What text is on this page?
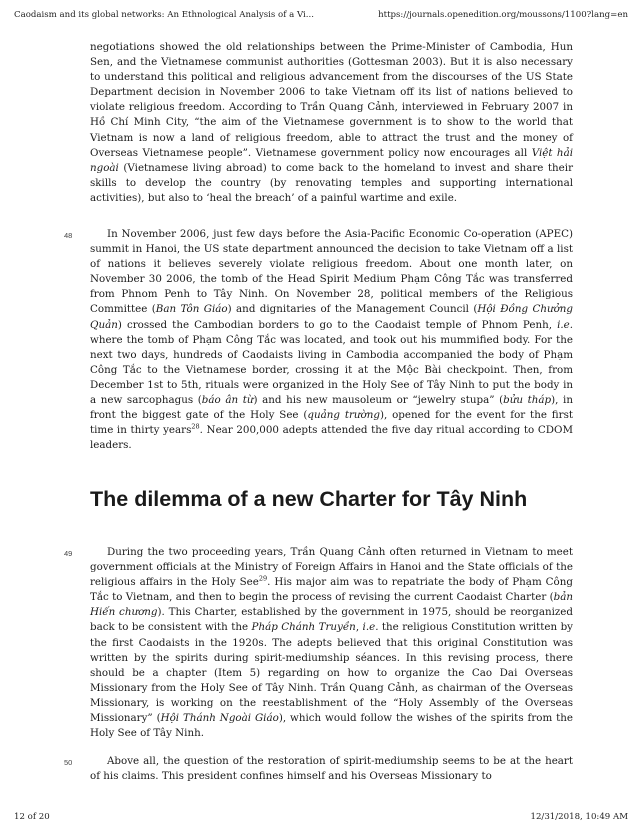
Caodaism and its global networks: An Ethnological Analysis of a Vi...	https://journals.openedition.org/moussons/1100?lang=en

negotiations showed the old relationships between the Prime-Minister of Cambodia, Hun Sen, and the Vietnamese communist authorities (Gottesman 2003). But it is also necessary to understand this political and religious advancement from the discourses of the US State Department decision in November 2006 to take Vietnam off its list of nations believed to violate religious freedom. According to Trần Quang Cảnh, interviewed in February 2007 in Hồ Chí Minh City, “the aim of the Vietnamese government is to show to the world that Vietnam is now a land of religious freedom, able to attract the trust and the money of Overseas Vietnamese people”. Vietnamese government policy now encourages all Việt hải ngoài (Vietnamese living abroad) to come back to the homeland to invest and share their skills to develop the country (by renovating temples and supporting international activities), but also to ‘heal the breach’ of a painful wartime and exile.

48	In November 2006, just few days before the Asia-Pacific Economic Co-operation (APEC) summit in Hanoi, the US state department announced the decision to take Vietnam off a list of nations it believes severely violate religious freedom. About one month later, on November 30 2006, the tomb of the Head Spirit Medium Phạm Công Tắc was transferred from Phnom Penh to Tây Ninh. On November 28, political members of the Religious Committee (Ban Tôn Giáo) and dignitaries of the Management Council (Hội Đồng Chưởng Quản) crossed the Cambodian borders to go to the Caodaist temple of Phnom Penh, i.e. where the tomb of Phạm Công Tắc was located, and took out his mummified body. For the next two days, hundreds of Caodaists living in Cambodia accompanied the body of Phạm Công Tắc to the Vietnamese border, crossing it at the Mộc Bài checkpoint. Then, from December 1st to 5th, rituals were organized in the Holy See of Tây Ninh to put the body in a new sarcophagus (báo ân từ) and his new mausoleum or “jewelry stupa” (bửu tháp), in front the biggest gate of the Holy See (quảng trường), opened for the event for the first time in thirty years$^{28}$. Near 200,000 adepts attended the five day ritual according to CDOM leaders.

The dilemma of a new Charter for Tây Ninh
49	During the two proceeding years, Trần Quang Cảnh often returned in Vietnam to meet government officials at the Ministry of Foreign Affairs in Hanoi and the State officials of the religious affairs in the Holy See$^{29}$. His major aim was to repatriate the body of Phạm Công Tắc to Vietnam, and then to begin the process of revising the current Caodaist Charter (bản Hiến chương). This Charter, established by the government in 1975, should be reorganized back to be consistent with the Pháp Chánh Truyền, i.e. the religious Constitution written by the first Caodaists in the 1920s. The adepts believed that this original Constitution was written by the spirits during spirit-mediumship séances. In this revising process, there should be a chapter (Item 5) regarding on how to organize the Cao Dai Overseas Missionary from the Holy See of Tây Ninh. Trần Quang Cảnh, as chairman of the Overseas Missionary, is working on the reestablishment of the “Holy Assembly of the Overseas Missionary” (Hội Thánh Ngoài Giáo), which would follow the wishes of the spirits from the Holy See of Tây Ninh.

50	Above all, the question of the restoration of spirit-mediumship seems to be at the heart of his claims. This president confines himself and his Overseas Missionary to

12 of 20	12/31/2018, 10:49 AM
